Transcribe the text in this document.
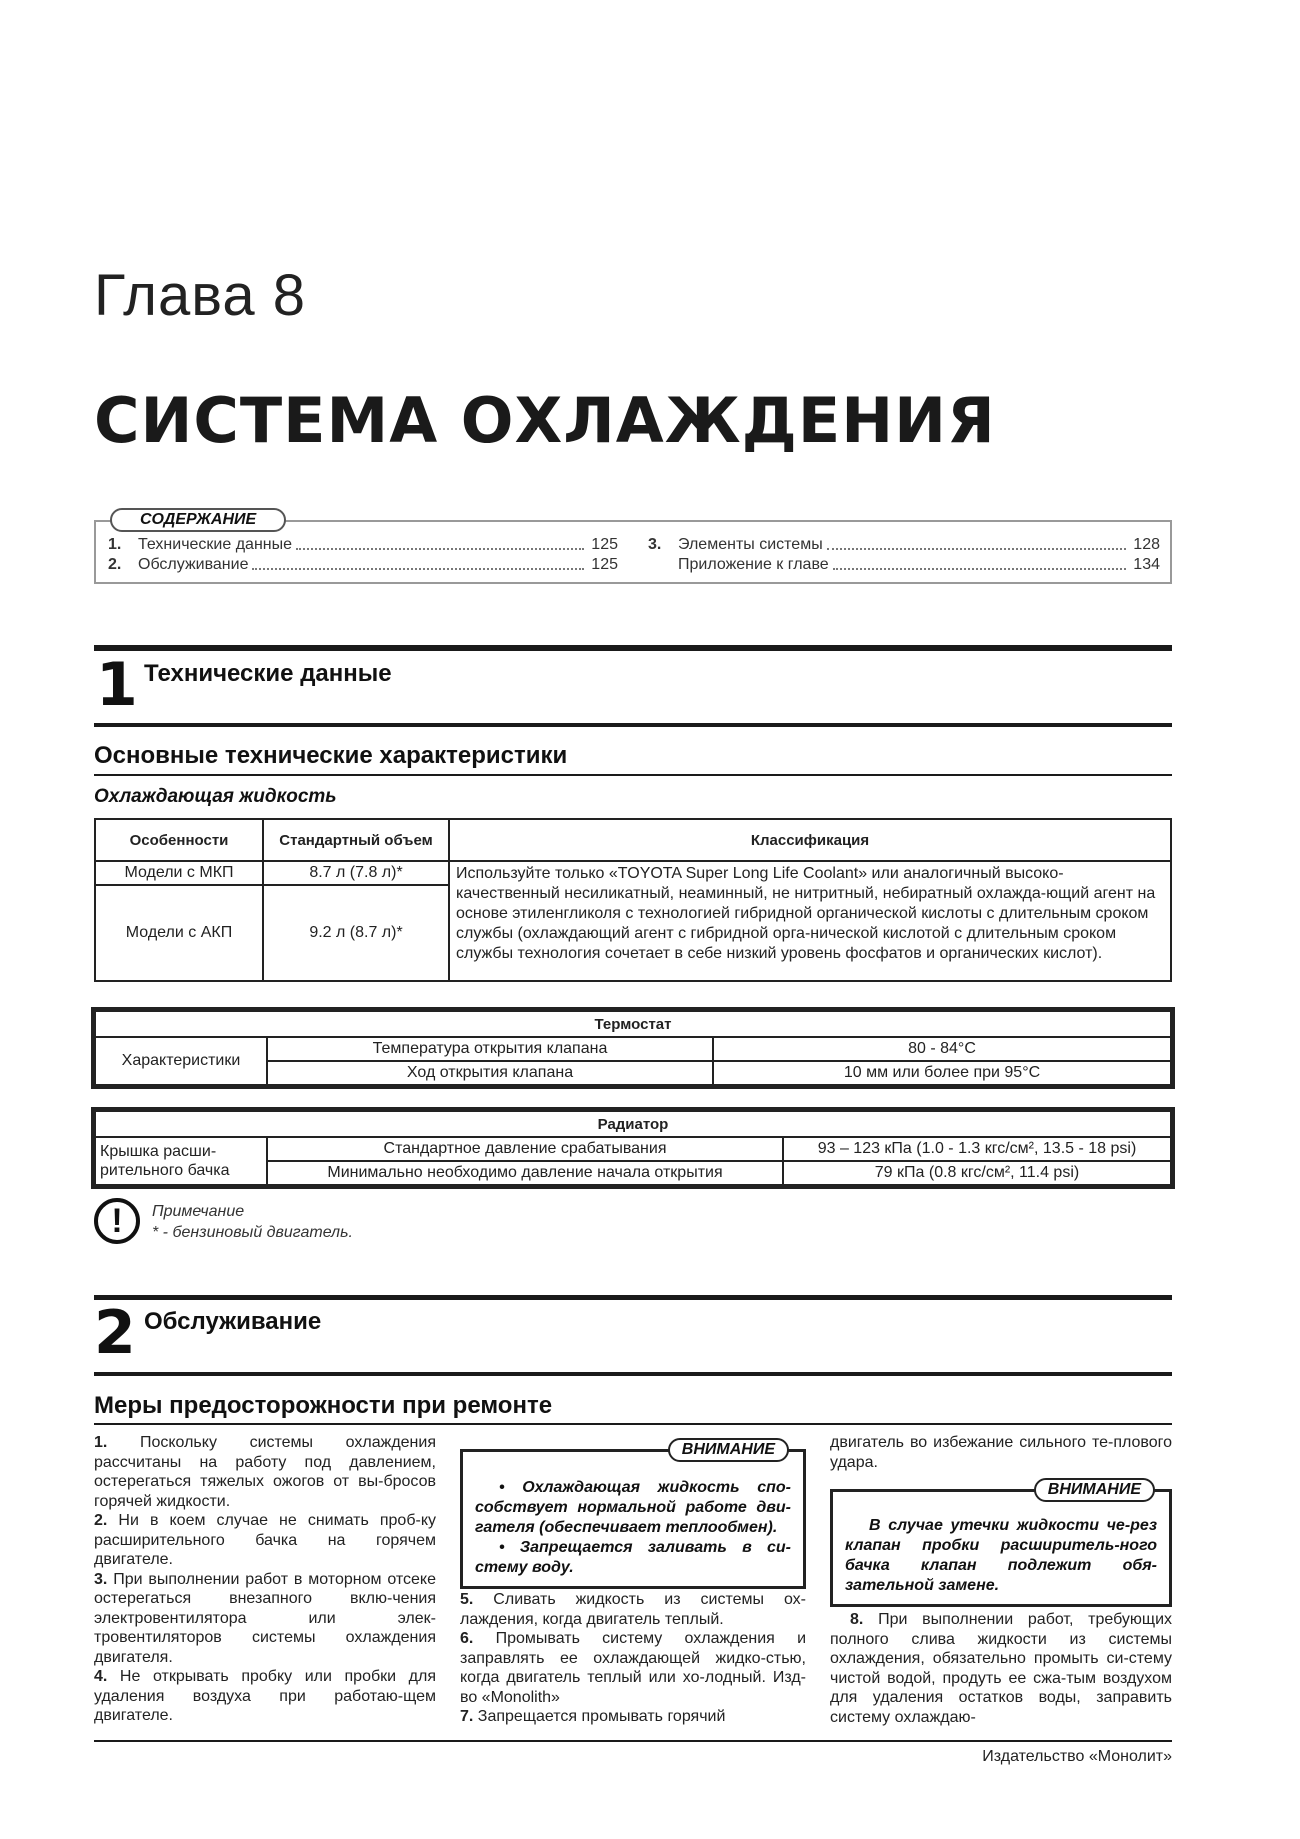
Глава 8
СИСТЕМА ОХЛАЖДЕНИЯ
СОДЕРЖАНИЕ
1.	Технические данные	125
2.	Обслуживание	125
3.	Элементы системы	128
Приложение к главе	134
1 Технические данные
Основные технические характеристики
Охлаждающая жидкость
Особенности	Стандартный объем	Классификация
Модели с МКП	8.7 л (7.8 л)*	Используйте только «TOYOTA Super Long Life Coolant» или аналогичный высоко-качественный несиликатный, неаминный, не нитритный, небиратный охлажда-ющий агент на основе этиленгликоля с технологией гибридной органической кислоты с длительным сроком службы (охлаждающий агент с гибридной орга-нической кислотой с длительным сроком службы технология сочетает в себе низкий уровень фосфатов и органических кислот).
Модели с АКП	9.2 л (8.7 л)*	
Термостат		
Характеристики	Температура открытия клапана	80 - 84°C
	Ход открытия клапана	10 мм или более при 95°C
Радиатор		
Крышка расши-рительного бачка	Стандартное давление срабатывания	93 – 123 кПа (1.0 - 1.3 кгс/см², 13.5 - 18 psi)
	Минимально необходимо давление начала открытия	79 кПа (0.8 кгс/см², 11.4 psi)
!	Примечание
* - бензиновый двигатель.
2 Обслуживание
Меры предосторожности при ремонте

1. Поскольку системы охлаждения рассчитаны на работу под давлением, остерегаться тяжелых ожогов от вы-бросов горячей жидкости.

2. Ни в коем случае не снимать проб-ку расширительного бачка на горячем двигателе.

3. При выполнении работ в моторном отсеке остерегаться внезапного вклю-чения электровентилятора или элек-тровентиляторов системы охлаждения двигателя.

4. Не открывать пробку или пробки для удаления воздуха при работаю-щем двигателе.

ВНИМАНИЕ

• Охлаждающая жидкость спо-собствует нормальной работе дви-гателя (обеспечивает теплообмен).

• Запрещается заливать в си-стему воду.

5. Сливать жидкость из системы ох-лаждения, когда двигатель теплый.

6. Промывать систему охлаждения и заправлять ее охлаждающей жидко-стью, когда двигатель теплый или хо-лодный. Изд-во «Monolith»

7. Запрещается промывать горячий

двигатель во избежание сильного те-плового удара.

ВНИМАНИЕ

В случае утечки жидкости че-рез клапан пробки расширитель-ного бачка клапан подлежит обя-зательной замене.

8. При выполнении работ, требующих полного слива жидкости из системы охлаждения, обязательно промыть си-стему чистой водой, продуть ее сжа-тым воздухом для удаления остатков воды, заправить систему охлаждаю-

Издательство «Монолит»
